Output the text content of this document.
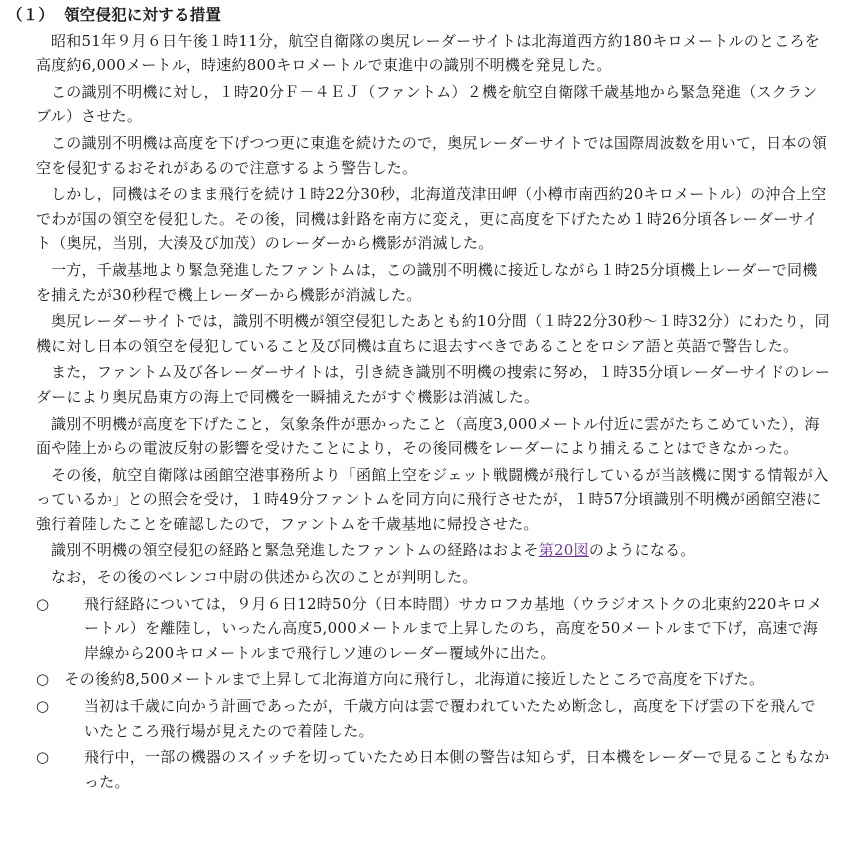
（１） 領空侵犯に対する措置

昭和51年９月６日午後１時11分，航空自衛隊の奥尻レーダーサイトは北海道西方約180キロメートルのところを高度約6,000メートル，時速約800キロメートルで東進中の識別不明機を発見した。

この識別不明機に対し，１時20分Ｆ－４ＥＪ（ファントム）２機を航空自衛隊千歳基地から緊急発進（スクランブル）させた。

この識別不明機は高度を下げつつ更に東進を続けたので，奥尻レーダーサイトでは国際周波数を用いて，日本の領空を侵犯するおそれがあるので注意するよう警告した。

しかし，同機はそのまま飛行を続け１時22分30秒，北海道茂津田岬（小樽市南西約20キロメートル）の沖合上空でわが国の領空を侵犯した。その後，同機は針路を南方に変え，更に高度を下げたため１時26分頃各レーダーサイト（奥尻，当別，大湊及び加茂）のレーダーから機影が消滅した。

一方，千歳基地より緊急発進したファントムは，この識別不明機に接近しながら１時25分頃機上レーダーで同機を捕えたが30秒程で機上レーダーから機影が消滅した。

奥尻レーダーサイトでは，識別不明機が領空侵犯したあとも約10分間（１時22分30秒～１時32分）にわたり，同機に対し日本の領空を侵犯していること及び同機は直ちに退去すべきであることをロシア語と英語で警告した。

また，ファントム及び各レーダーサイトは，引き続き識別不明機の捜索に努め，１時35分頃レーダーサイドのレーダーにより奥尻島東方の海上で同機を一瞬捕えたがすぐ機影は消滅した。

識別不明機が高度を下げたこと，気象条件が悪かったこと（高度3,000メートル付近に雲がたちこめていた），海面や陸上からの電波反射の影響を受けたことにより，その後同機をレーダーにより捕えることはできなかった。

その後，航空自衛隊は函館空港事務所より「函館上空をジェット戦闘機が飛行しているが当該機に関する情報が入っているか」との照会を受け，１時49分ファントムを同方向に飛行させたが，１時57分頃識別不明機が函館空港に強行着陸したことを確認したので，ファントムを千歳基地に帰投させた。

識別不明機の領空侵犯の経路と緊急発進したファントムの経路はおよそ第20図のようになる。

なお，その後のベレンコ中尉の供述から次のことが判明した。

○ 飛行経路については，９月６日12時50分（日本時間）サカロフカ基地（ウラジオストクの北東約220キロメートル）を離陸し，いったん高度5,000メートルまで上昇したのち，高度を50メートルまで下げ，高速で海岸線から200キロメートルまで飛行しソ連のレーダー覆域外に出た。
○ その後約8,500メートルまで上昇して北海道方向に飛行し，北海道に接近したところで高度を下げた。
○ 当初は千歳に向かう計画であったが，千歳方向は雲で覆われていたため断念し，高度を下げ雲の下を飛んでいたところ飛行場が見えたので着陸した。
○ 飛行中，一部の機器のスイッチを切っていたため日本側の警告は知らず，日本機をレーダーで見ることもなかった。
